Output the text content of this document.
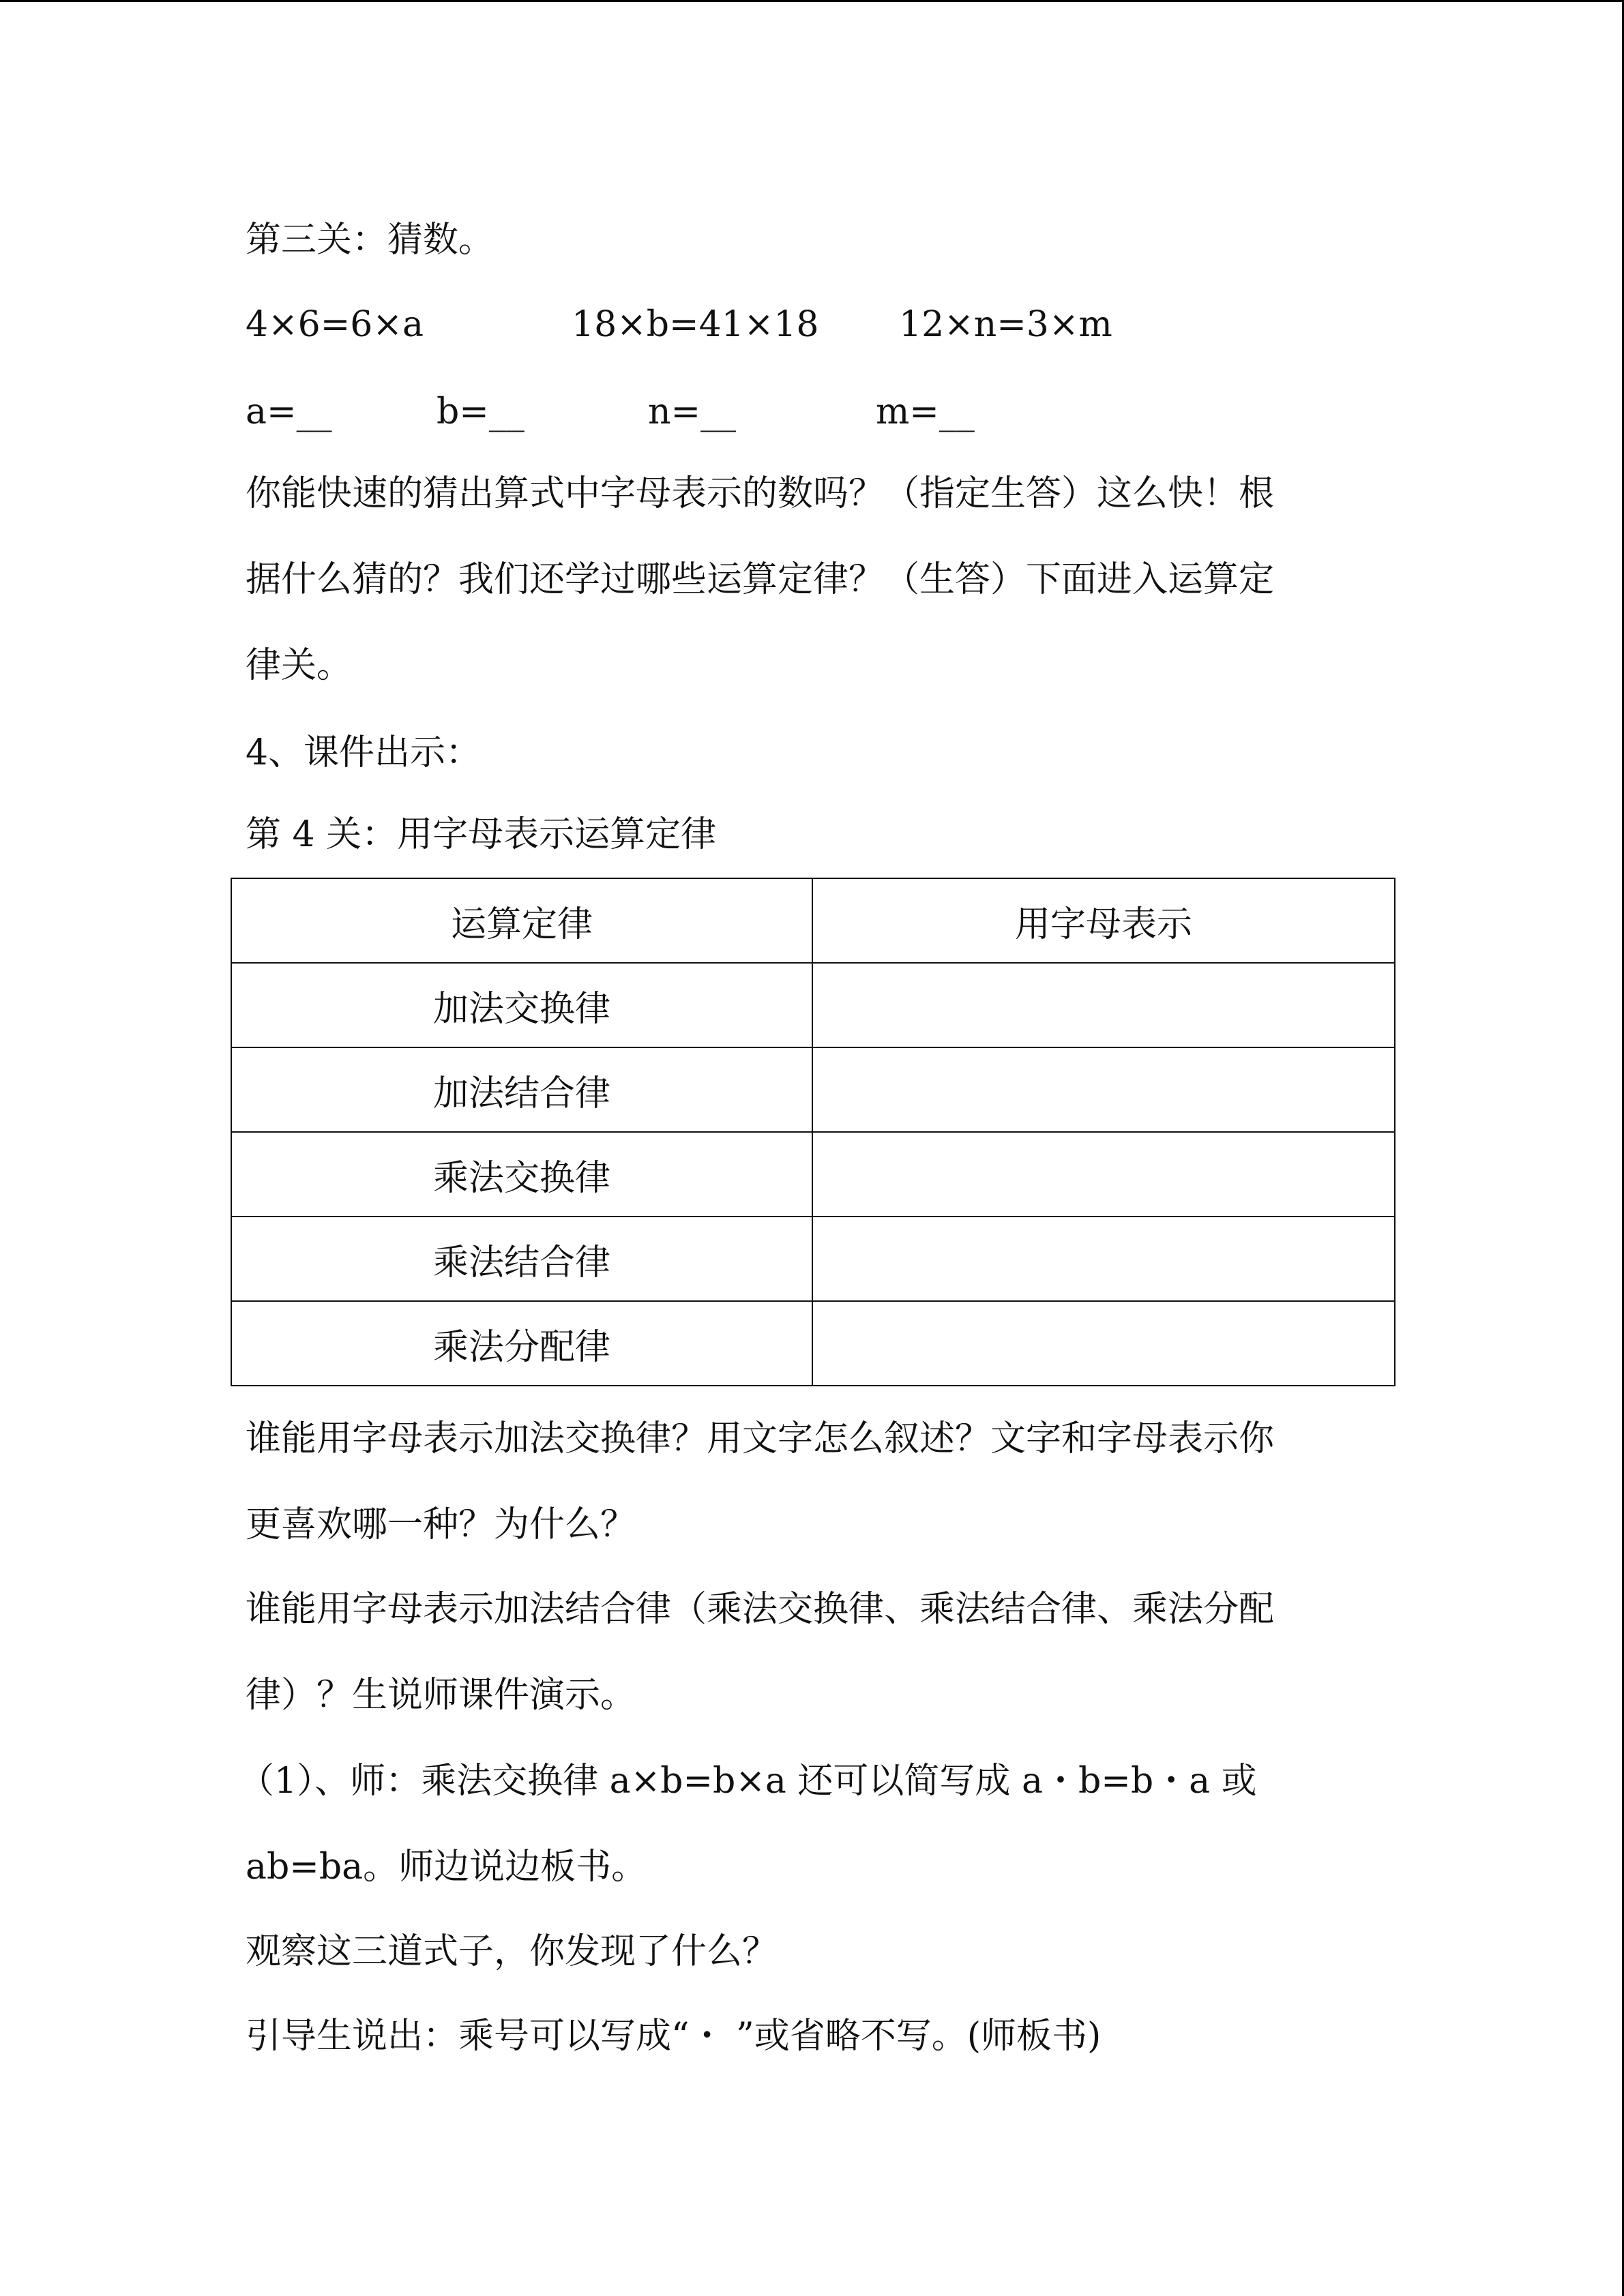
第三关：猜数。
4×6=6×a	18×b=41×18 12×n=3×m
a=__	b=__	n=__	m=__
你能快速的猜出算式中字母表示的数吗？（指定生答）这么快！根
据什么猜的？我们还学过哪些运算定律？（生答）下面进入运算定
律关。
4、课件出示：
第 4 关：用字母表示运算定律
运算定律	用字母表示
加法交换律	
加法结合律	
乘法交换律	
乘法结合律	
乘法分配律	
谁能用字母表示加法交换律？用文字怎么叙述？文字和字母表示你
更喜欢哪一种？为什么？
谁能用字母表示加法结合律（乘法交换律、乘法结合律、乘法分配
律）？生说师课件演示。
（1）、师：乘法交换律 a×b=b×a 还可以简写成 a・b=b・a 或
ab=ba。师边说边板书。
观察这三道式子，你发现了什么？
引导生说出：乘号可以写成“・ ”或省略不写。(师板书)
